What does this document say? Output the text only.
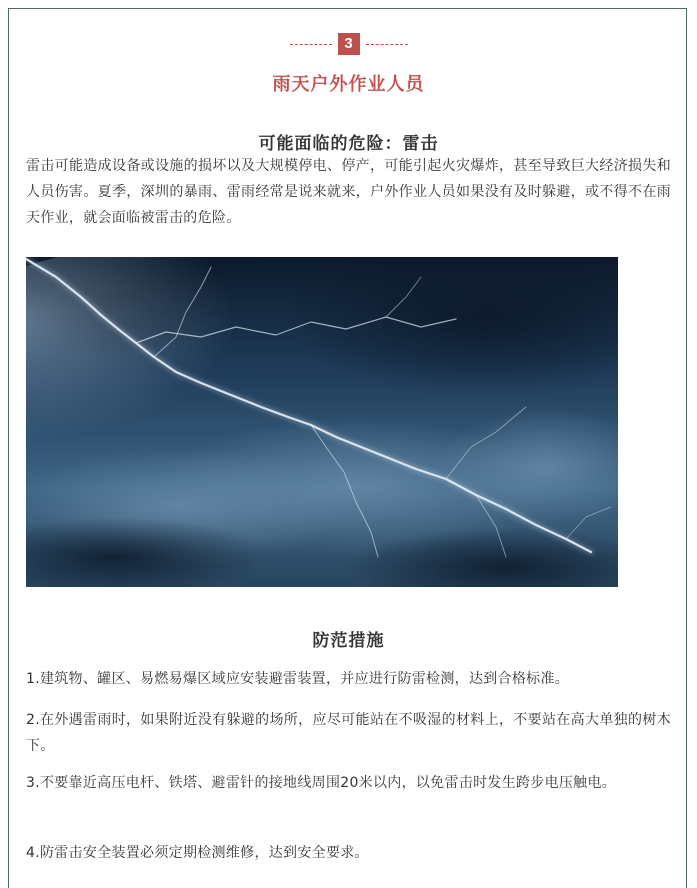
3
雨天户外作业人员
可能面临的危险：雷击
雷击可能造成设备或设施的损坏以及大规模停电、停产，可能引起火灾爆炸，甚至导致巨大经济损失和人员伤害。夏季，深圳的暴雨、雷雨经常是说来就来，户外作业人员如果没有及时躲避，或不得不在雨天作业，就会面临被雷击的危险。
防范措施
1.建筑物、罐区、易燃易爆区域应安装避雷装置，并应进行防雷检测，达到合格标准。
2.在外遇雷雨时，如果附近没有躲避的场所，应尽可能站在不吸湿的材料上，不要站在高大单独的树木下。
3.不要靠近高压电杆、铁塔、避雷针的接地线周围20米以内，以免雷击时发生跨步电压触电。
4.防雷击安全装置必须定期检测维修，达到安全要求。
